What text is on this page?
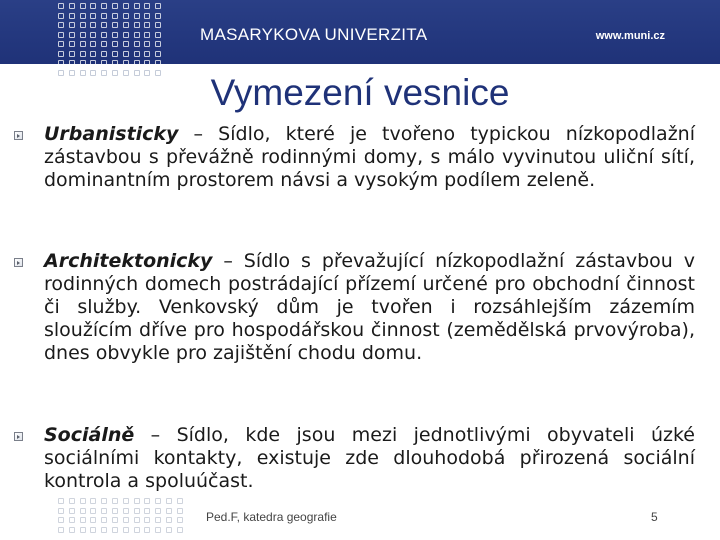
MASARYKOVA UNIVERZITA	www.muni.cz
Vymezení vesnice
Urbanisticky – Sídlo, které je tvořeno typickou nízkopodlažní zástavbou s převážně rodinnými domy, s málo vyvinutou uliční sítí, dominantním prostorem návsi a vysokým podílem zeleně.
Architektonicky – Sídlo s převažující nízkopodlažní zástavbou v rodinných domech postrádající přízemí určené pro obchodní činnost či služby. Venkovský dům je tvořen i rozsáhlejším zázemím sloužícím dříve pro hospodářskou činnost (zemědělská prvovýroba), dnes obvykle pro zajištění chodu domu.
Sociálně – Sídlo, kde jsou mezi jednotlivými obyvateli úzké sociálními kontakty, existuje zde dlouhodobá přirozená sociální kontrola a spoluúčast.
Ped.F, katedra geografie	5
